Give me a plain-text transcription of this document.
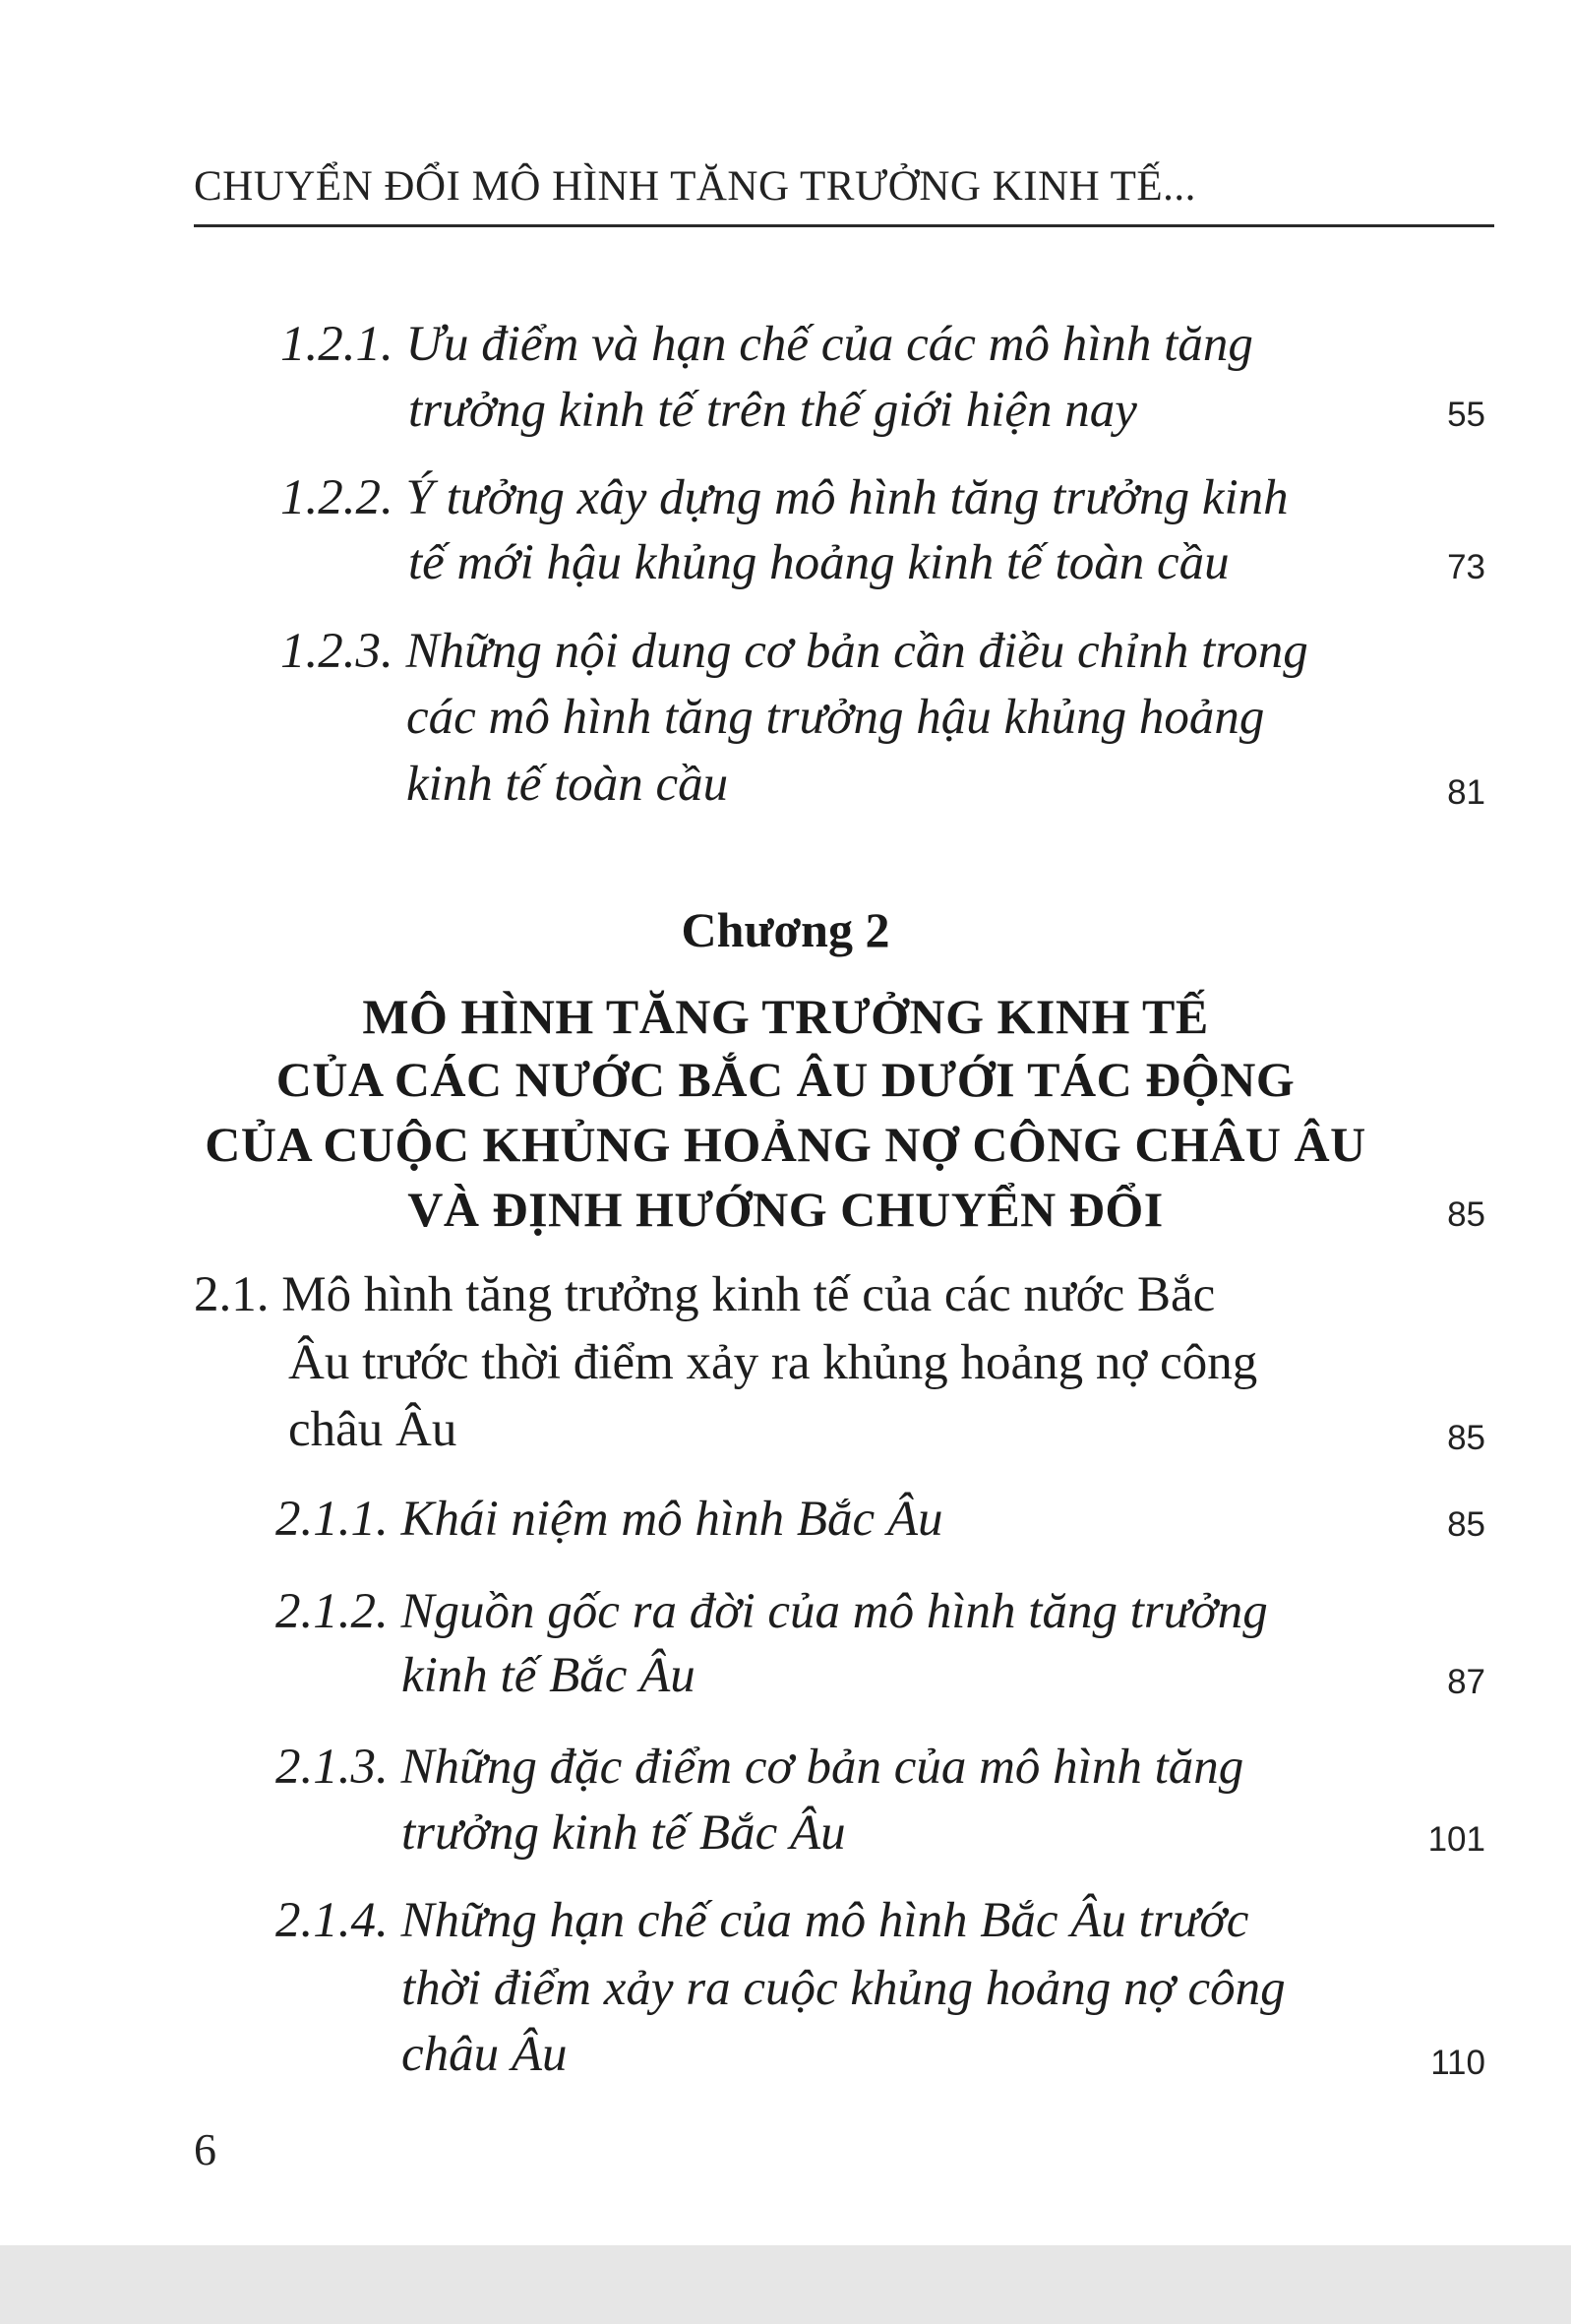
CHUYỂN ĐỔI MÔ HÌNH TĂNG TRƯỞNG KINH TẾ...
1.2.1. Ưu điểm và hạn chế của các mô hình tăng
trưởng kinh tế trên thế giới hiện nay	55
1.2.2. Ý tưởng xây dựng mô hình tăng trưởng kinh
tế mới hậu khủng hoảng kinh tế toàn cầu	73
1.2.3. Những nội dung cơ bản cần điều chỉnh trong
các mô hình tăng trưởng hậu khủng hoảng
kinh tế toàn cầu	81
Chương 2
MÔ HÌNH TĂNG TRƯỞNG KINH TẾ
CỦA CÁC NƯỚC BẮC ÂU DƯỚI TÁC ĐỘNG
CỦA CUỘC KHỦNG HOẢNG NỢ CÔNG CHÂU ÂU
VÀ ĐỊNH HƯỚNG CHUYỂN ĐỔI	85
2.1. Mô hình tăng trưởng kinh tế của các nước Bắc
Âu trước thời điểm xảy ra khủng hoảng nợ công
châu Âu	85
2.1.1. Khái niệm mô hình Bắc Âu	85
2.1.2. Nguồn gốc ra đời của mô hình tăng trưởng
kinh tế Bắc Âu	87
2.1.3. Những đặc điểm cơ bản của mô hình tăng
trưởng kinh tế Bắc Âu	101
2.1.4. Những hạn chế của mô hình Bắc Âu trước
thời điểm xảy ra cuộc khủng hoảng nợ công
châu Âu	110
6
